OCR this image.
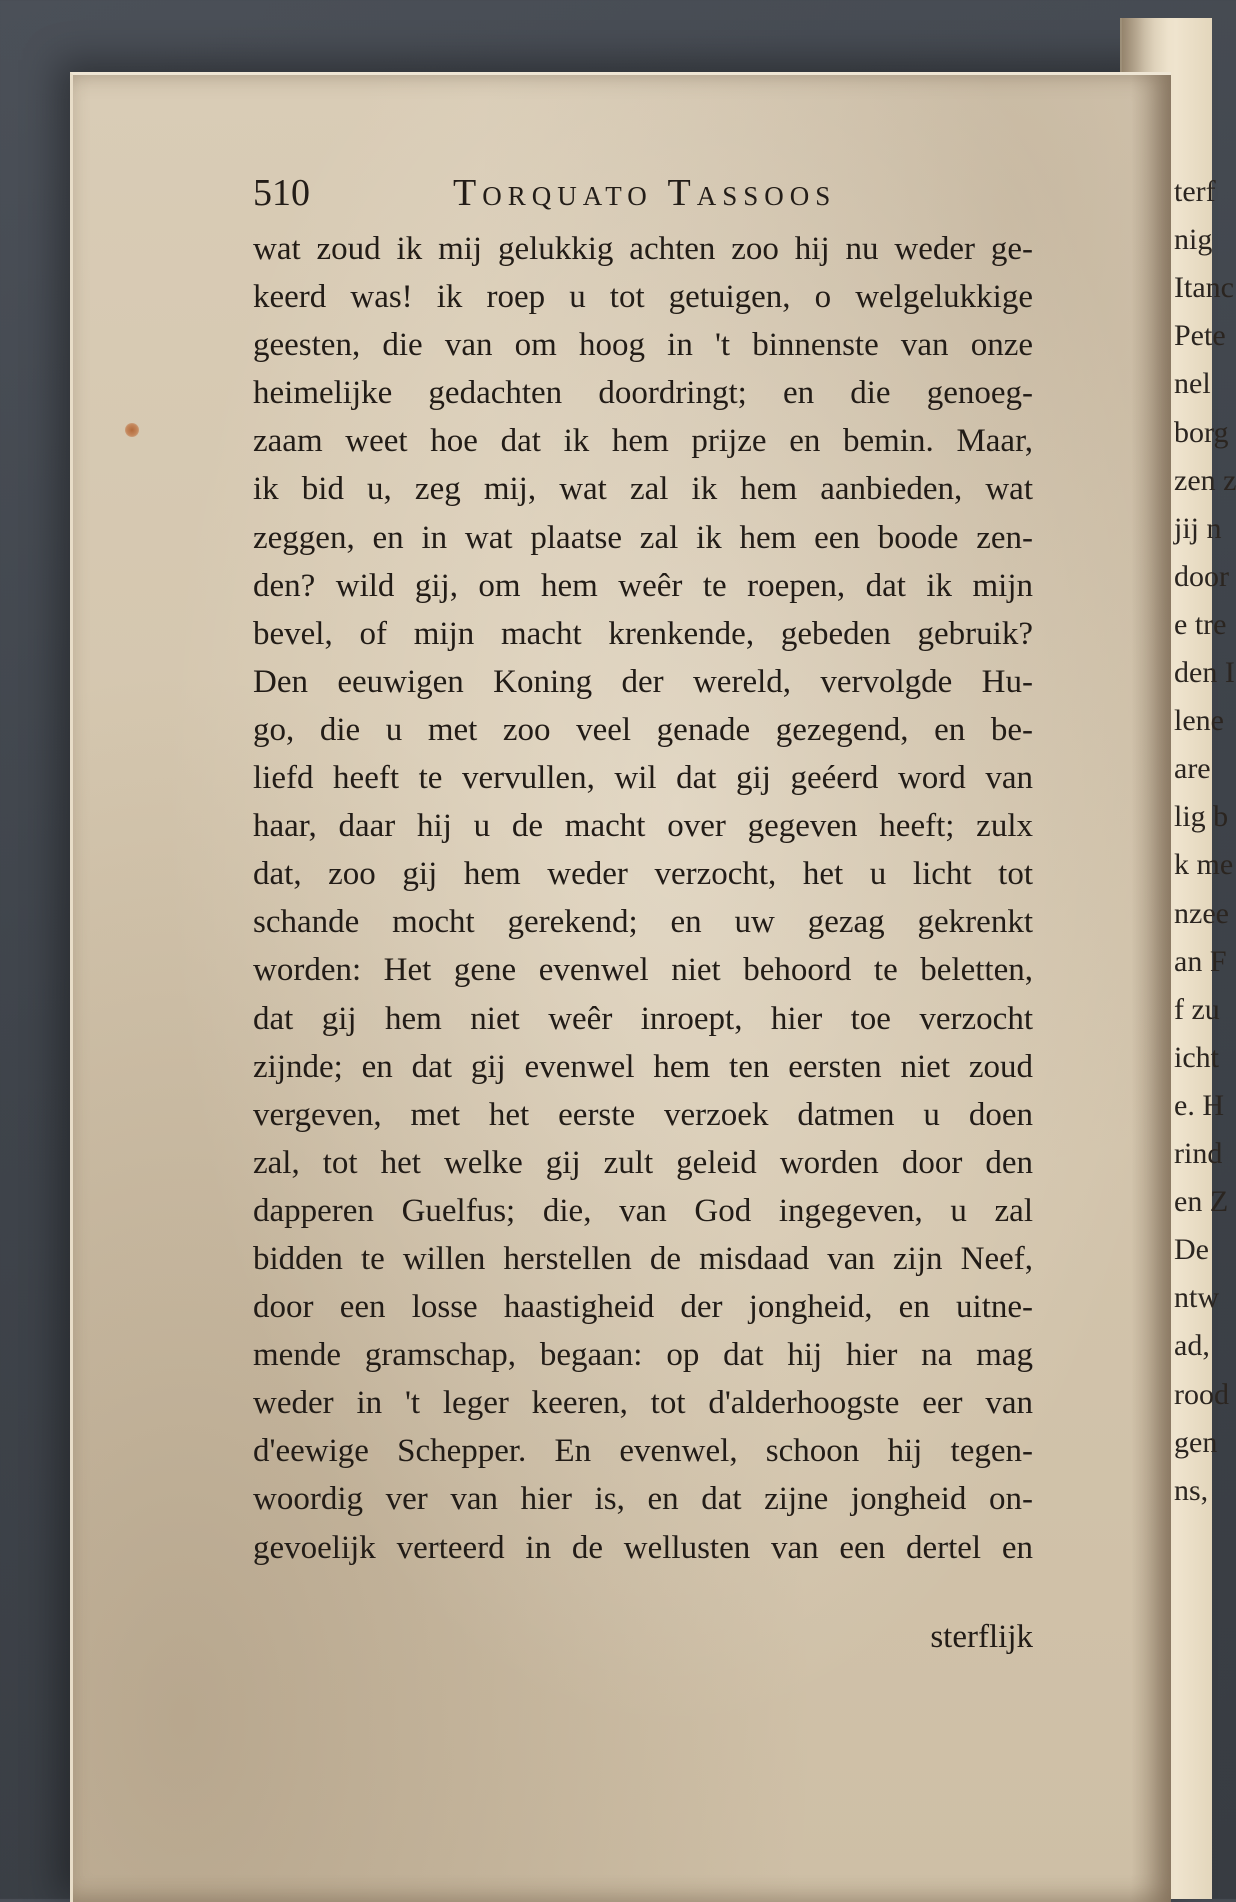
terf
nig
Itanc
Pete
nel
borg
zen z
jij n
door
e tre
den I
lene
are
lig b
k me
nzee
an F
f zu
icht
e. H
rind
en Z
De
ntw
ad,
rood
gen
ns,
510	Torquato Tassoos
wat zoud ik mij gelukkig achten zoo hij nu weder ge-
keerd was! ik roep u tot getuigen, o welgelukkige
geesten, die van om hoog in 't binnenste van onze
heimelijke gedachten doordringt; en die genoeg-
zaam weet hoe dat ik hem prijze en bemin. Maar,
ik bid u, zeg mij, wat zal ik hem aanbieden, wat
zeggen, en in wat plaatse zal ik hem een boode zen-
den? wild gij, om hem weêr te roepen, dat ik mijn
bevel, of mijn macht krenkende, gebeden gebruik?
Den eeuwigen Koning der wereld, vervolgde Hu-
go, die u met zoo veel genade gezegend, en be-
liefd heeft te vervullen, wil dat gij geéerd word van
haar, daar hij u de macht over gegeven heeft; zulx
dat, zoo gij hem weder verzocht, het u licht tot
schande mocht gerekend; en uw gezag gekrenkt
worden: Het gene evenwel niet behoord te beletten,
dat gij hem niet weêr inroept, hier toe verzocht
zijnde; en dat gij evenwel hem ten eersten niet zoud
vergeven, met het eerste verzoek datmen u doen
zal, tot het welke gij zult geleid worden door den
dapperen Guelfus; die, van God ingegeven, u zal
bidden te willen herstellen de misdaad van zijn Neef,
door een losse haastigheid der jongheid, en uitne-
mende gramschap, begaan: op dat hij hier na mag
weder in 't leger keeren, tot d'alderhoogste eer van
d'eewige Schepper. En evenwel, schoon hij tegen-
woordig ver van hier is, en dat zijne jongheid on-
gevoelijk verteerd in de wellusten van een dertel en
sterflijk
